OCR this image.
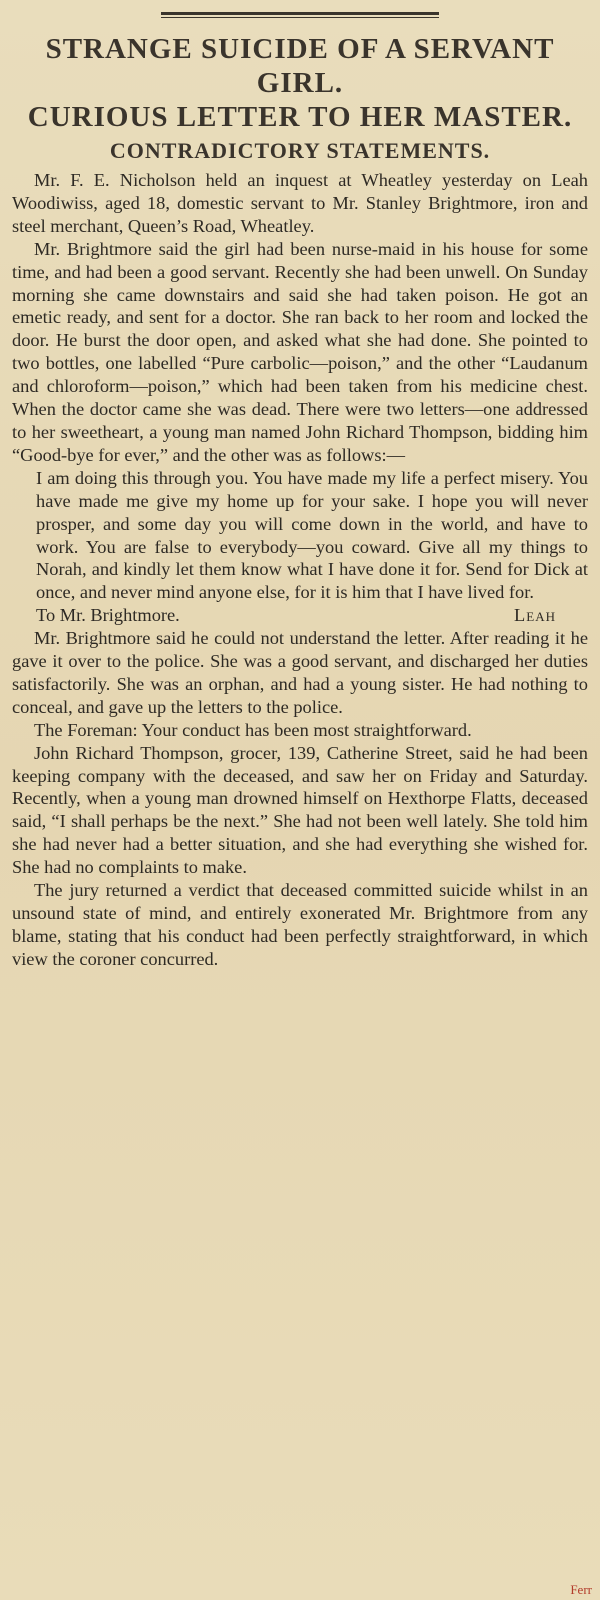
STRANGE SUICIDE OF A SERVANT GIRL.
CURIOUS LETTER TO HER MASTER.
CONTRADICTORY STATEMENTS.

Mr. F. E. Nicholson held an inquest at Wheatley yesterday on Leah Woodiwiss, aged 18, domestic servant to Mr. Stanley Brightmore, iron and steel merchant, Queen’s Road, Wheatley.

Mr. Brightmore said the girl had been nurse-maid in his house for some time, and had been a good servant. Recently she had been unwell. On Sunday morning she came downstairs and said she had taken poison. He got an emetic ready, and sent for a doctor. She ran back to her room and locked the door. He burst the door open, and asked what she had done. She pointed to two bottles, one labelled “Pure carbolic—poison,” and the other “Laudanum and chloroform—poison,” which had been taken from his medicine chest. When the doctor came she was dead. There were two letters—one addressed to her sweetheart, a young man named John Richard Thompson, bidding him “Good-bye for ever,” and the other was as follows:—

I am doing this through you. You have made my life a perfect misery. You have made me give my home up for your sake. I hope you will never prosper, and some day you will come down in the world, and have to work. You are false to everybody—you coward. Give all my things to Norah, and kindly let them know what I have done it for. Send for Dick at once, and never mind anyone else, for it is him that I have lived for.

To Mr. Brightmore.	Leah

Mr. Brightmore said he could not understand the letter. After reading it he gave it over to the police. She was a good servant, and discharged her duties satisfactorily. She was an orphan, and had a young sister. He had nothing to conceal, and gave up the letters to the police.

The Foreman: Your conduct has been most straightforward.

John Richard Thompson, grocer, 139, Catherine Street, said he had been keeping company with the deceased, and saw her on Friday and Saturday. Recently, when a young man drowned himself on Hexthorpe Flatts, deceased said, “I shall perhaps be the next.” She had not been well lately. She told him she had never had a better situation, and she had everything she wished for. She had no complaints to make.

The jury returned a verdict that deceased committed suicide whilst in an unsound state of mind, and entirely exonerated Mr. Brightmore from any blame, stating that his conduct had been perfectly straightforward, in which view the coroner concurred.

Ferr
